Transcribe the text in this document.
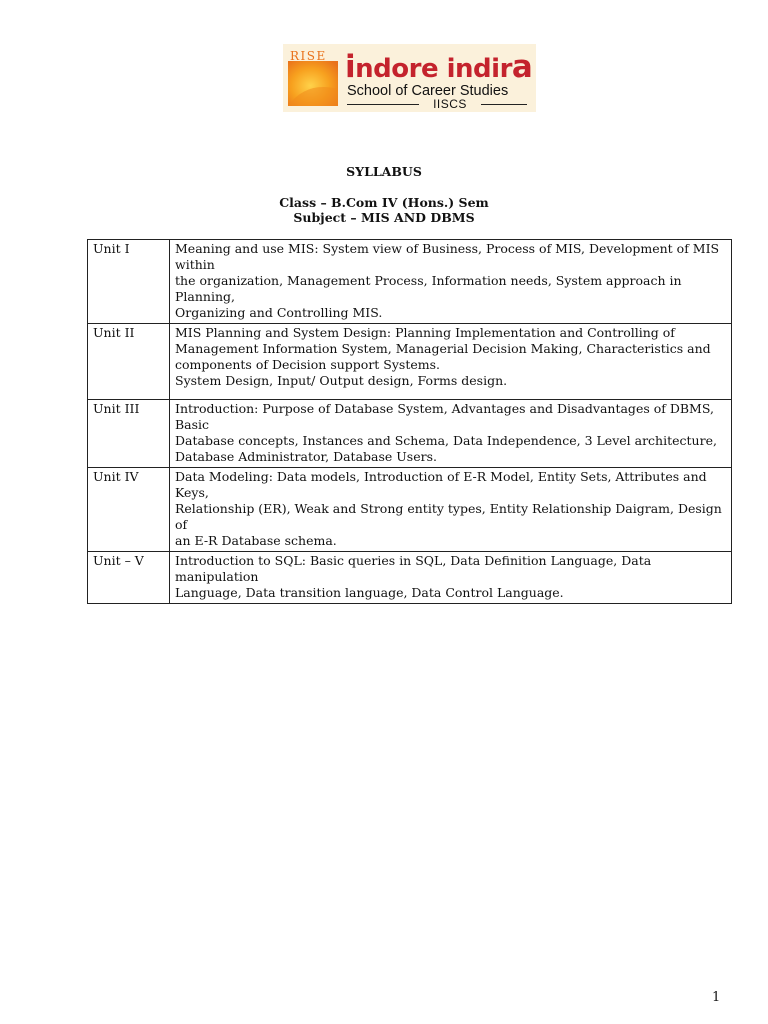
RISE indore indira
School of Career Studies
IISCS
SYLLABUS
Class – B.Com IV (Hons.) Sem
Subject – MIS AND DBMS
Unit I	Meaning and use MIS: System view of Business, Process of MIS, Development of MIS within
the organization, Management Process, Information needs, System approach in Planning,
Organizing and Controlling MIS.

Unit II	MIS Planning and System Design: Planning Implementation and Controlling of
Management Information System, Managerial Decision Making, Characteristics and
components of Decision support Systems.
System Design, Input/ Output design, Forms design.

Unit III	Introduction: Purpose of Database System, Advantages and Disadvantages of DBMS, Basic
Database concepts, Instances and Schema, Data Independence, 3 Level architecture,
Database Administrator, Database Users.

Unit IV	Data Modeling: Data models, Introduction of E-R Model, Entity Sets, Attributes and Keys,
Relationship (ER), Weak and Strong entity types, Entity Relationship Daigram, Design of
an E-R Database schema.

Unit – V	Introduction to SQL: Basic queries in SQL, Data Definition Language, Data manipulation
Language, Data transition language, Data Control Language.
1
